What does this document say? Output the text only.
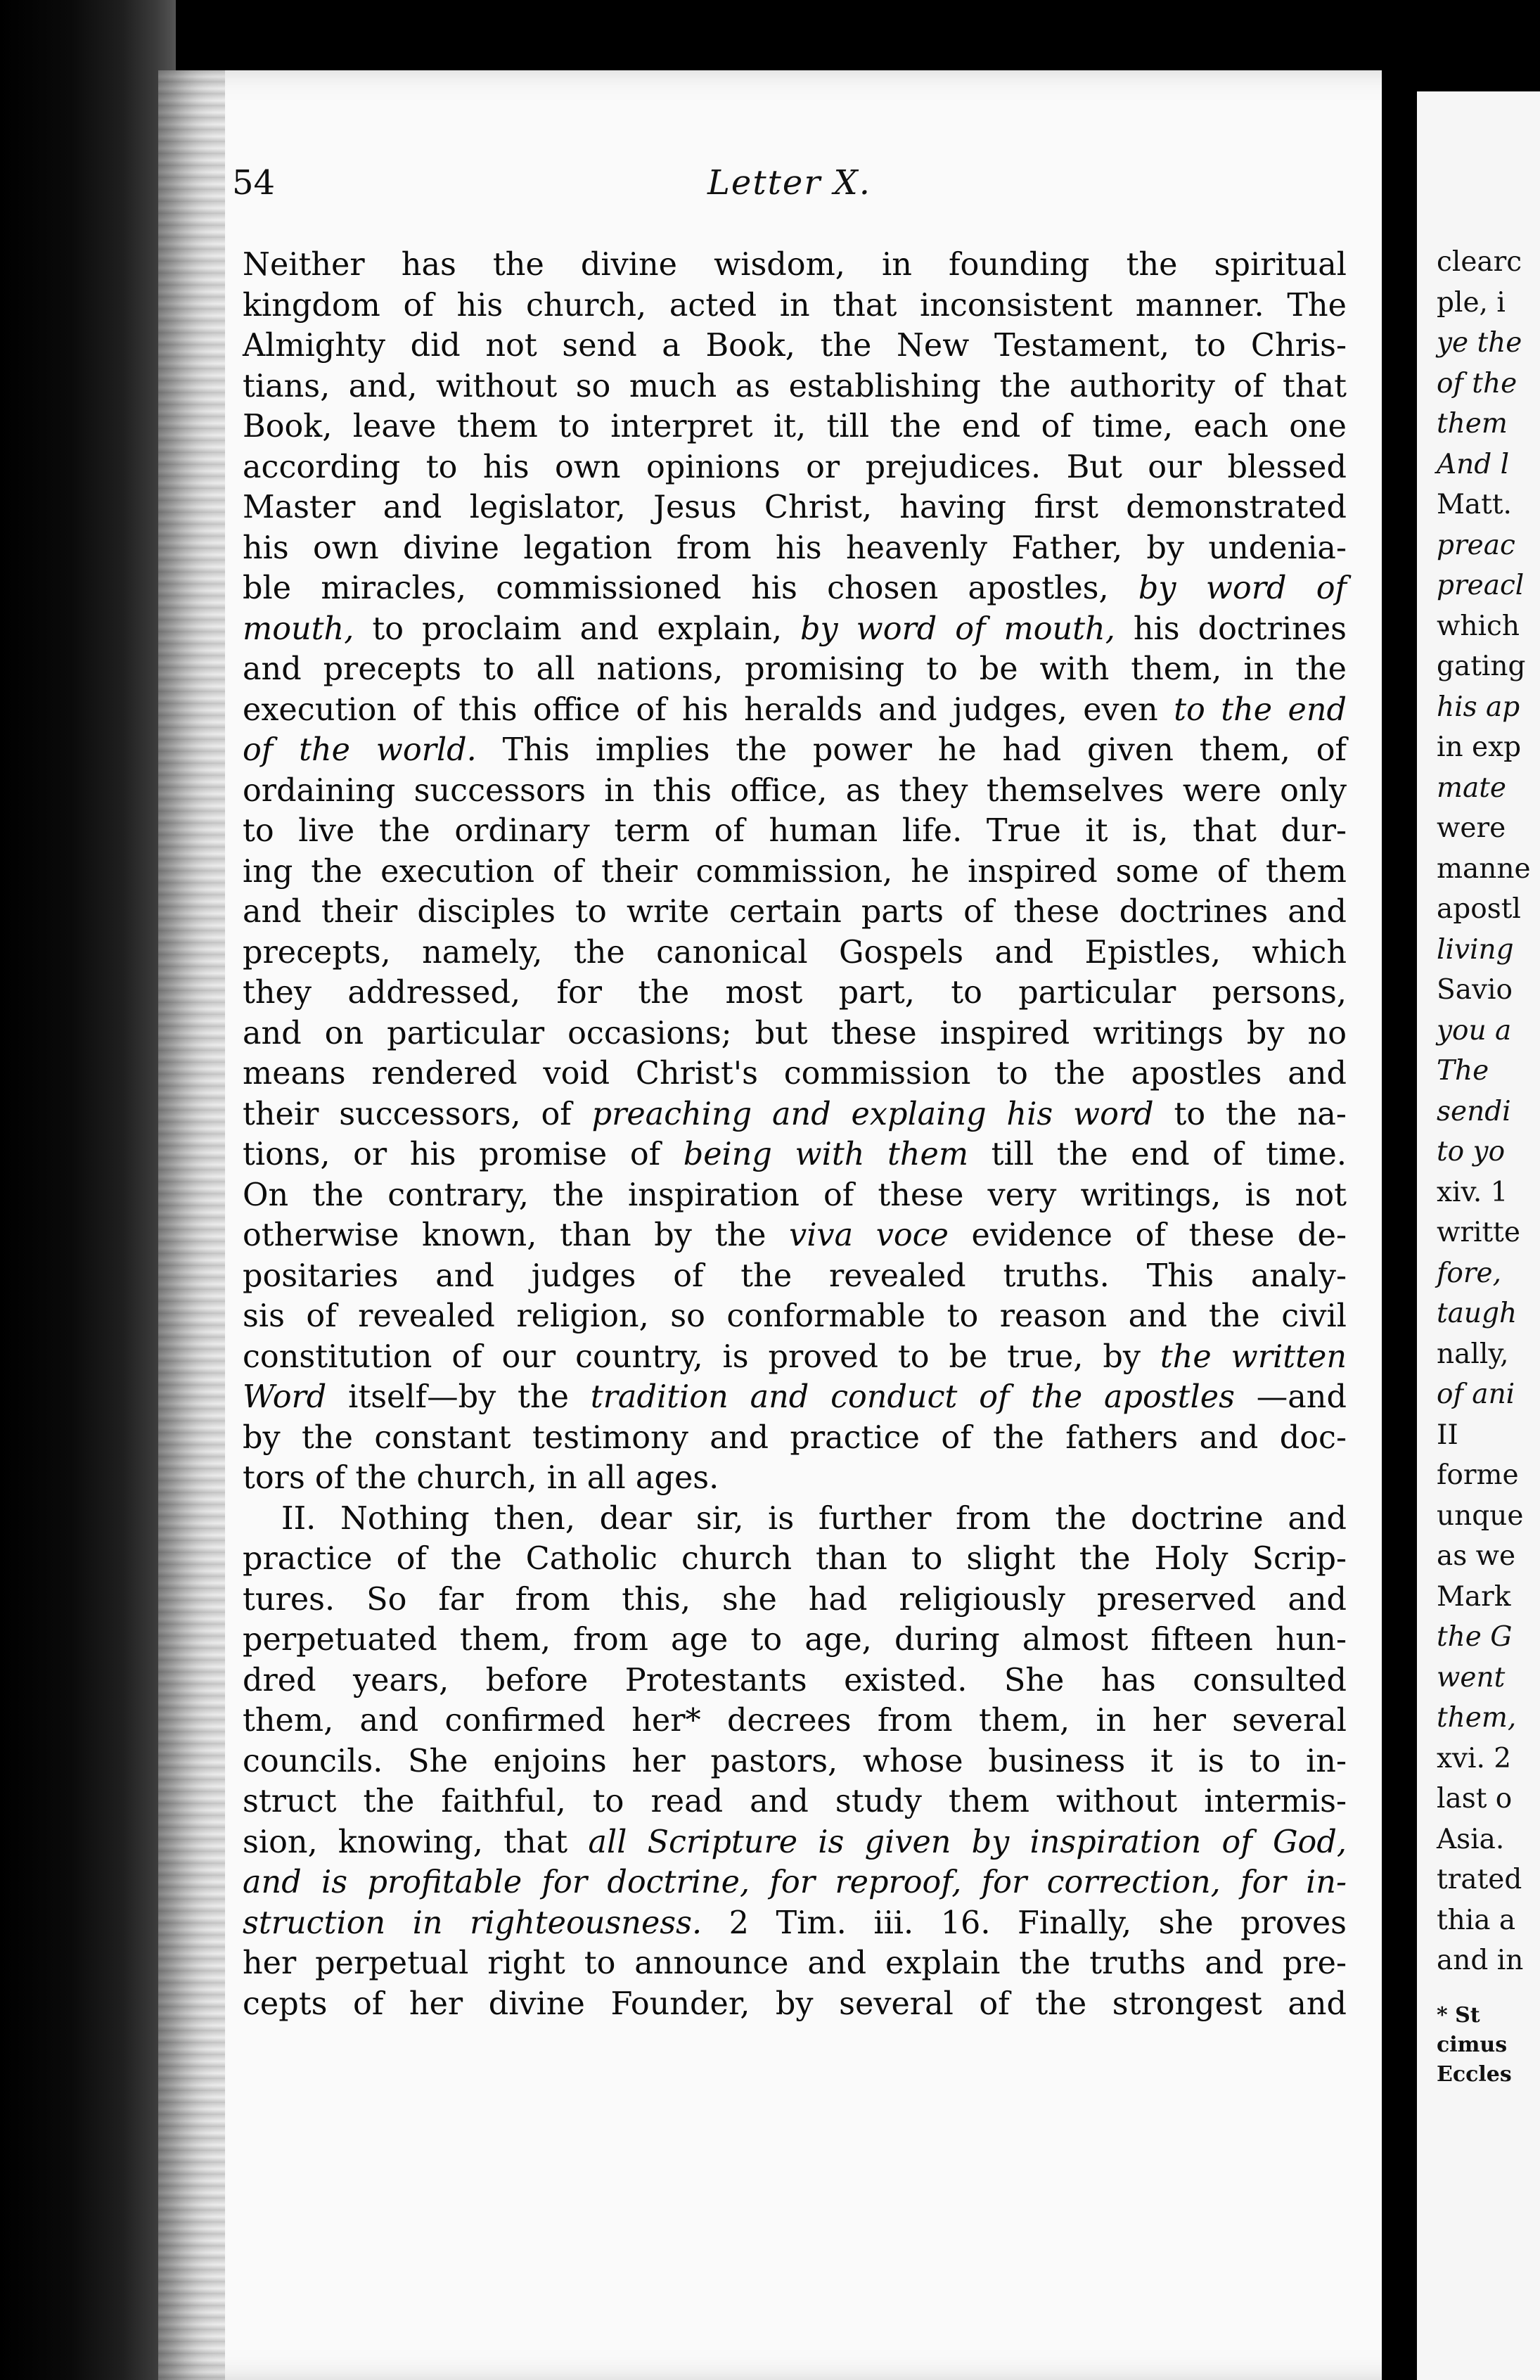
clearc
ple, i
ye the
of the
them
And l
Matt.
preac
preacl
which
gating
his ap
in exp
mate
were
manne
apostl
living
Savio
you a
The
sendi
to yo
xiv. 1
writte
fore,
taugh
nally,
of ani
II
forme
unque
as we
Mark
the G
went
them,
xvi. 2
last o
Asia.
trated
thia a
and in
* St
cimus
Eccles
54	Letter X.
Neither has the divine wisdom, in founding the spiritual
kingdom of his church, acted in that inconsistent manner. The
Almighty did not send a Book, the New Testament, to Chris-
tians, and, without so much as establishing the authority of that
Book, leave them to interpret it, till the end of time, each one
according to his own opinions or prejudices. But our blessed
Master and legislator, Jesus Christ, having first demonstrated
his own divine legation from his heavenly Father, by undenia-
ble miracles, commissioned his chosen apostles, by word of
mouth, to proclaim and explain, by word of mouth, his doctrines
and precepts to all nations, promising to be with them, in the
execution of this office of his heralds and judges, even to the end
of the world. This implies the power he had given them, of
ordaining successors in this office, as they themselves were only
to live the ordinary term of human life. True it is, that dur-
ing the execution of their commission, he inspired some of them
and their disciples to write certain parts of these doctrines and
precepts, namely, the canonical Gospels and Epistles, which
they addressed, for the most part, to particular persons,
and on particular occasions; but these inspired writings by no
means rendered void Christ's commission to the apostles and
their successors, of preaching and explaing his word to the na-
tions, or his promise of being with them till the end of time.
On the contrary, the inspiration of these very writings, is not
otherwise known, than by the viva voce evidence of these de-
positaries and judges of the revealed truths. This analy-
sis of revealed religion, so conformable to reason and the civil
constitution of our country, is proved to be true, by the written
Word itself—by the tradition and conduct of the apostles —and
by the constant testimony and practice of the fathers and doc-
tors of the church, in all ages.
II. Nothing then, dear sir, is further from the doctrine and
practice of the Catholic church than to slight the Holy Scrip-
tures. So far from this, she had religiously preserved and
perpetuated them, from age to age, during almost fifteen hun-
dred years, before Protestants existed. She has consulted
them, and confirmed her* decrees from them, in her several
councils. She enjoins her pastors, whose business it is to in-
struct the faithful, to read and study them without intermis-
sion, knowing, that all Scripture is given by inspiration of God,
and is profitable for doctrine, for reproof, for correction, for in-
struction in righteousness. 2 Tim. iii. 16. Finally, she proves
her perpetual right to announce and explain the truths and pre-
cepts of her divine Founder, by several of the strongest and
